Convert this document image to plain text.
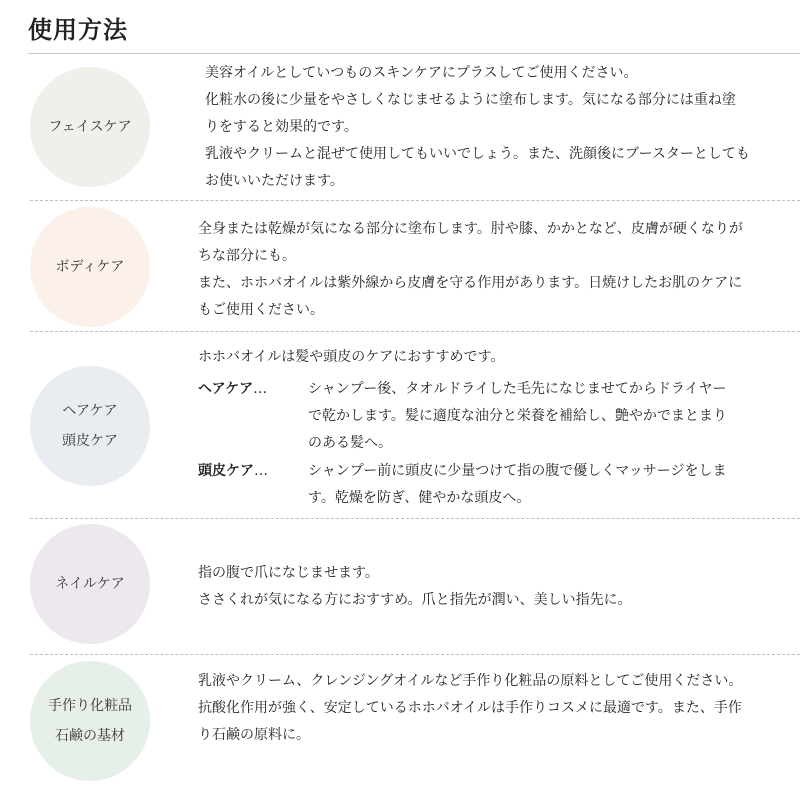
使用方法
フェイスケア

美容オイルとしていつものスキンケアにプラスしてご使用ください。

化粧水の後に少量をやさしくなじませるように塗布します。気になる部分には重ね塗

りをすると効果的です。

乳液やクリームと混ぜて使用してもいいでしょう。また、洗顔後にブースターとしても

お使いいただけます。

ボディケア

全身または乾燥が気になる部分に塗布します。肘や膝、かかとなど、皮膚が硬くなりが

ちな部分にも。

また、ホホバオイルは紫外線から皮膚を守る作用があります。日焼けしたお肌のケアに

もご使用ください。

ヘアケア
頭皮ケア

ホホバオイルは髪や頭皮のケアにおすすめです。

ヘアケア…	シャンプー後、タオルドライした毛先になじませてからドライヤー

で乾かします。髪に適度な油分と栄養を補給し、艶やかでまとまり

のある髪へ。

頭皮ケア…	シャンプー前に頭皮に少量つけて指の腹で優しくマッサージをしま

す。乾燥を防ぎ、健やかな頭皮へ。

ネイルケア

指の腹で爪になじませます。

ささくれが気になる方におすすめ。爪と指先が潤い、美しい指先に。

手作り化粧品
石鹸の基材

乳液やクリーム、クレンジングオイルなど手作り化粧品の原料としてご使用ください。

抗酸化作用が強く、安定しているホホバオイルは手作りコスメに最適です。また、手作

り石鹸の原料に。
